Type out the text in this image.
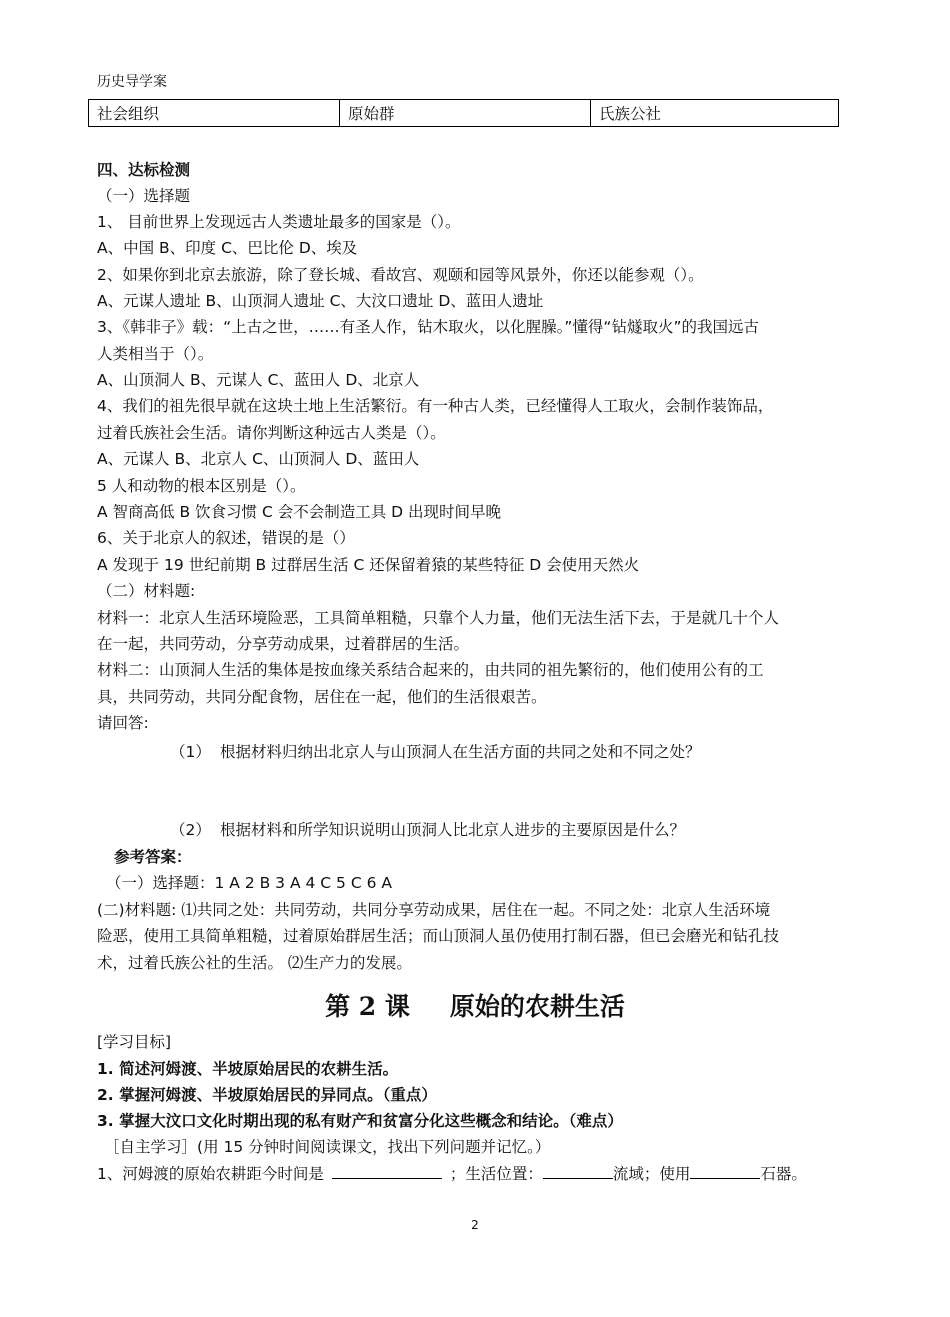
历史导学案
社会组织	原始群	氏族公社
四、达标检测
（一）选择题
1、 目前世界上发现远古人类遗址最多的国家是（）。
A、中国 B、印度 C、巴比伦 D、埃及
2、如果你到北京去旅游，除了登长城、看故宫、观颐和园等风景外，你还以能参观（）。
A、元谋人遗址 B、山顶洞人遗址 C、大汶口遗址 D、蓝田人遗址
3、《韩非子》载：“上古之世，……有圣人作，钻木取火，以化腥臊。”懂得“钻燧取火”的我国远古
人类相当于（）。
A、山顶洞人 B、元谋人 C、蓝田人 D、北京人
4、我们的祖先很早就在这块土地上生活繁衍。有一种古人类，已经懂得人工取火，会制作装饰品，
过着氏族社会生活。请你判断这种远古人类是（）。
A、元谋人 B、北京人 C、山顶洞人 D、蓝田人
5 人和动物的根本区别是（）。
A 智商高低 B 饮食习惯 C 会不会制造工具 D 出现时间早晚
6、关于北京人的叙述，错误的是（）
A 发现于 19 世纪前期 B 过群居生活 C 还保留着猿的某些特征 D 会使用天然火
（二）材料题:
材料一：北京人生活环境险恶，工具简单粗糙，只靠个人力量，他们无法生活下去，于是就几十个人
在一起，共同劳动，分享劳动成果，过着群居的生活。
材料二：山顶洞人生活的集体是按血缘关系结合起来的，由共同的祖先繁衍的，他们使用公有的工
具，共同劳动，共同分配食物，居住在一起，他们的生活很艰苦。
请回答:
（1） 根据材料归纳出北京人与山顶洞人在生活方面的共同之处和不同之处？
（2） 根据材料和所学知识说明山顶洞人比北京人进步的主要原因是什么？
参考答案：
（一）选择题：1 A 2 B 3 A 4 C 5 C 6 A
(二)材料题: ⑴共同之处：共同劳动，共同分享劳动成果，居住在一起。不同之处：北京人生活环境
险恶，使用工具简单粗糙，过着原始群居生活；而山顶洞人虽仍使用打制石器，但已会磨光和钻孔技
术，过着氏族公社的生活。 ⑵生产力的发展。
第 2 课 原始的农耕生活
[学习目标]
1. 简述河姆渡、半坡原始居民的农耕生活。
2. 掌握河姆渡、半坡原始居民的异同点。（重点）
3. 掌握大汶口文化时期出现的私有财产和贫富分化这些概念和结论。（难点）
［自主学习］(用 15 分钟时间阅读课文，找出下列问题并记忆。）
1、河姆渡的原始农耕距今时间是	；生活位置：	流域；使用	石器。
2
